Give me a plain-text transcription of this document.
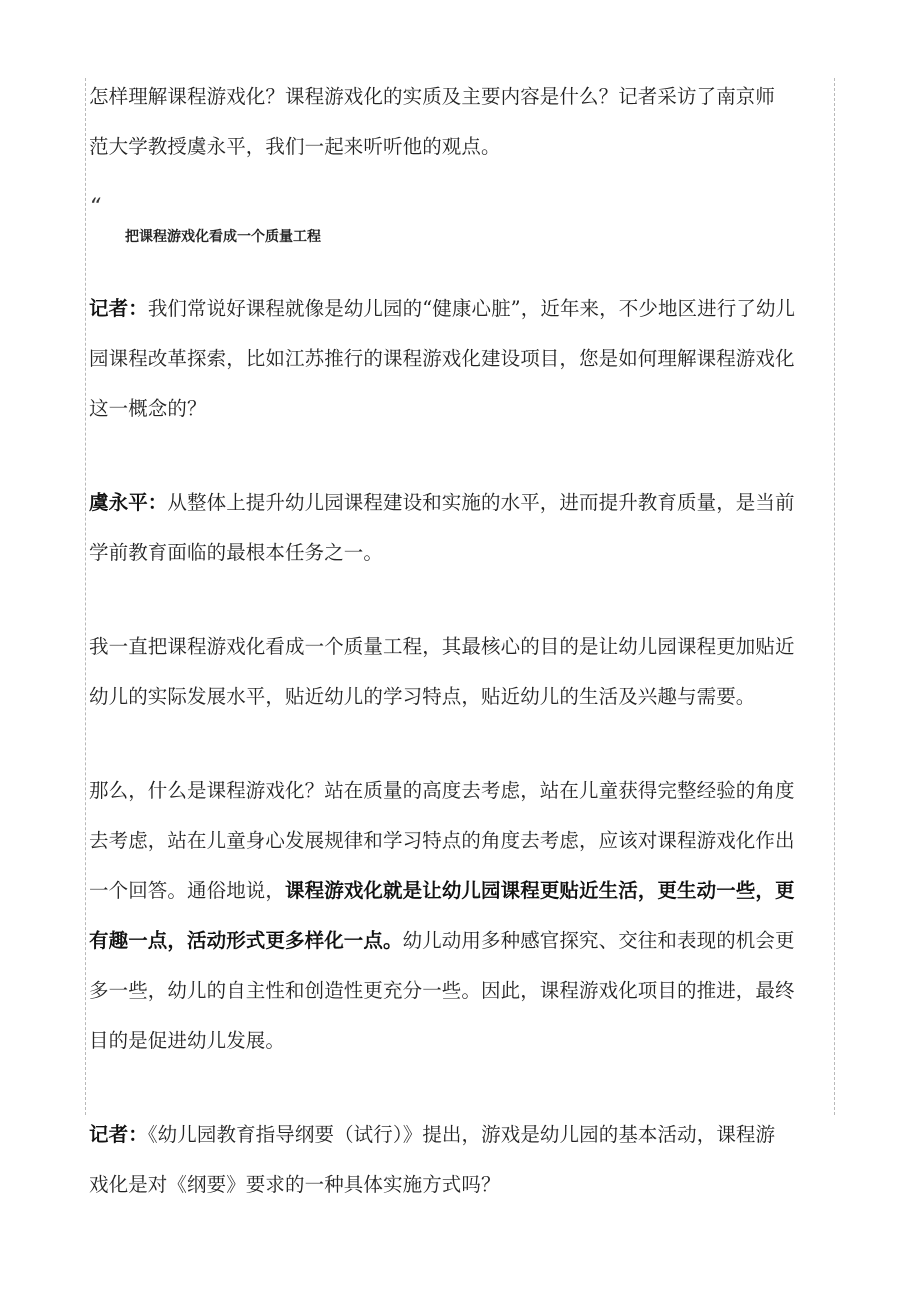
怎样理解课程游戏化？课程游戏化的实质及主要内容是什么？记者采访了南京师

范大学教授虞永平，我们一起来听听他的观点。

“

把课程游戏化看成一个质量工程

记者：我们常说好课程就像是幼儿园的“健康心脏”，近年来，不少地区进行了幼儿

园课程改革探索，比如江苏推行的课程游戏化建设项目，您是如何理解课程游戏化

这一概念的？

虞永平：从整体上提升幼儿园课程建设和实施的水平，进而提升教育质量，是当前

学前教育面临的最根本任务之一。

我一直把课程游戏化看成一个质量工程，其最核心的目的是让幼儿园课程更加贴近

幼儿的实际发展水平，贴近幼儿的学习特点，贴近幼儿的生活及兴趣与需要。

那么，什么是课程游戏化？站在质量的高度去考虑，站在儿童获得完整经验的角度

去考虑，站在儿童身心发展规律和学习特点的角度去考虑，应该对课程游戏化作出

一个回答。通俗地说，课程游戏化就是让幼儿园课程更贴近生活，更生动一些，更

有趣一点，活动形式更多样化一点。幼儿动用多种感官探究、交往和表现的机会更

多一些，幼儿的自主性和创造性更充分一些。因此，课程游戏化项目的推进，最终

目的是促进幼儿发展。

记者：《幼儿园教育指导纲要（试行）》提出，游戏是幼儿园的基本活动，课程游

戏化是对《纲要》要求的一种具体实施方式吗？
